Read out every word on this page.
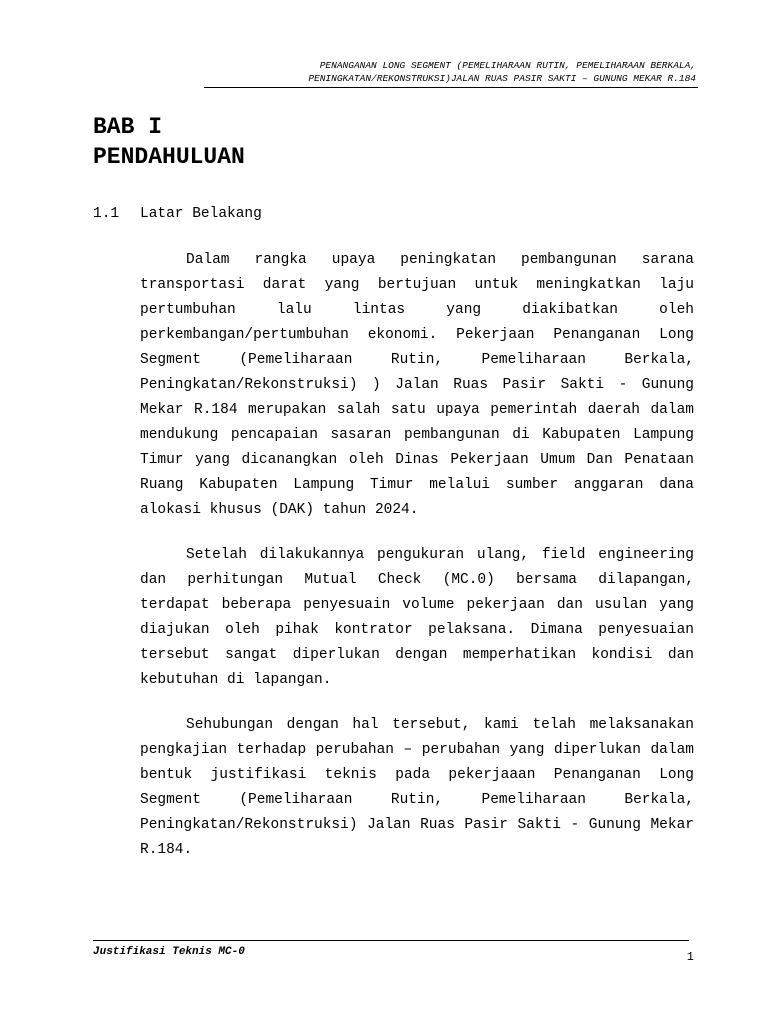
PENANGANAN LONG SEGMENT (PEMELIHARAAN RUTIN, PEMELIHARAAN BERKALA,
PENINGKATAN/REKONSTRUKSI)JALAN RUAS PASIR SAKTI – GUNUNG MEKAR R.184
BAB I
PENDAHULUAN
1.1 Latar Belakang

Dalam rangka upaya peningkatan pembangunan sarana transportasi darat yang bertujuan untuk meningkatkan laju pertumbuhan lalu lintas yang diakibatkan oleh perkembangan/pertumbuhan ekonomi. Pekerjaan Penanganan Long Segment (Pemeliharaan Rutin, Pemeliharaan Berkala, Peningkatan/Rekonstruksi) ) Jalan Ruas Pasir Sakti - Gunung Mekar R.184 merupakan salah satu upaya pemerintah daerah dalam mendukung pencapaian sasaran pembangunan di Kabupaten Lampung Timur yang dicanangkan oleh Dinas Pekerjaan Umum Dan Penataan Ruang Kabupaten Lampung Timur melalui sumber anggaran dana alokasi khusus (DAK) tahun 2024.

Setelah dilakukannya pengukuran ulang, field engineering dan perhitungan Mutual Check (MC.0) bersama dilapangan, terdapat beberapa penyesuain volume pekerjaan dan usulan yang diajukan oleh pihak kontrator pelaksana. Dimana penyesuaian tersebut sangat diperlukan dengan memperhatikan kondisi dan kebutuhan di lapangan.

Sehubungan dengan hal tersebut, kami telah melaksanakan pengkajian terhadap perubahan – perubahan yang diperlukan dalam bentuk justifikasi teknis pada pekerjaaan Penanganan Long Segment (Pemeliharaan Rutin, Pemeliharaan Berkala, Peningkatan/Rekonstruksi) Jalan Ruas Pasir Sakti - Gunung Mekar R.184.

Justifikasi Teknis MC-0	1
